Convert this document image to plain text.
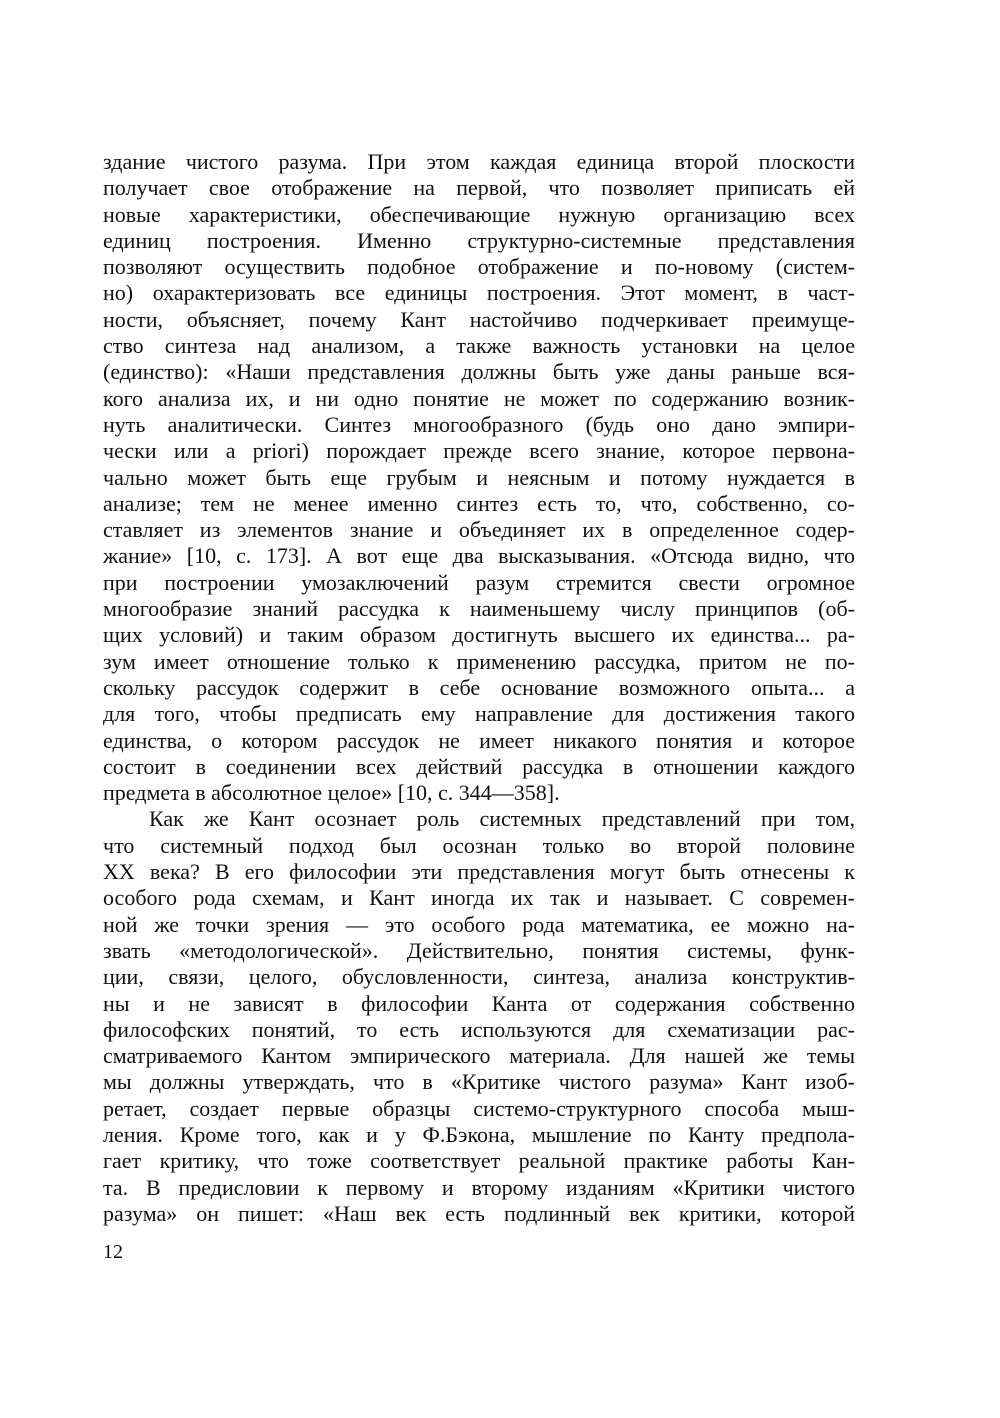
здание чистого разума. При этом каждая единица второй плоскости
получает свое отображение на первой, что позволяет приписать ей
новые характеристики, обеспечивающие нужную организацию всех
единиц построения. Именно структурно-системные представления
позволяют осуществить подобное отображение и по-новому (систем-
но) охарактеризовать все единицы построения. Этот момент, в част-
ности, объясняет, почему Кант настойчиво подчеркивает преимуще-
ство синтеза над анализом, а также важность установки на целое
(единство): «Наши представления должны быть уже даны раньше вся-
кого анализа их, и ни одно понятие не может по содержанию возник-
нуть аналитически. Синтез многообразного (будь оно дано эмпири-
чески или a priori) порождает прежде всего знание, которое первона-
чально может быть еще грубым и неясным и потому нуждается в
анализе; тем не менее именно синтез есть то, что, собственно, со-
ставляет из элементов знание и объединяет их в определенное содер-
жание» [10, с. 173]. А вот еще два высказывания. «Отсюда видно, что
при построении умозаключений разум стремится свести огромное
многообразие знаний рассудка к наименьшему числу принципов (об-
щих условий) и таким образом достигнуть высшего их единства... ра-
зум имеет отношение только к применению рассудка, притом не по-
скольку рассудок содержит в себе основание возможного опыта... а
для того, чтобы предписать ему направление для достижения такого
единства, о котором рассудок не имеет никакого понятия и которое
состоит в соединении всех действий рассудка в отношении каждого
предмета в абсолютное целое» [10, с. 344—358].
Как же Кант осознает роль системных представлений при том,
что системный подход был осознан только во второй половине
XX века? В его философии эти представления могут быть отнесены к
особого рода схемам, и Кант иногда их так и называет. С современ-
ной же точки зрения — это особого рода математика, ее можно на-
звать «методологической». Действительно, понятия системы, функ-
ции, связи, целого, обусловленности, синтеза, анализа конструктив-
ны и не зависят в философии Канта от содержания собственно
философских понятий, то есть используются для схематизации рас-
сматриваемого Кантом эмпирического материала. Для нашей же темы
мы должны утверждать, что в «Критике чистого разума» Кант изоб-
ретает, создает первые образцы системо-структурного способа мыш-
ления. Кроме того, как и у Ф.Бэкона, мышление по Канту предпола-
гает критику, что тоже соответствует реальной практике работы Кан-
та. В предисловии к первому и второму изданиям «Критики чистого
разума» он пишет: «Наш век есть подлинный век критики, которой
12
